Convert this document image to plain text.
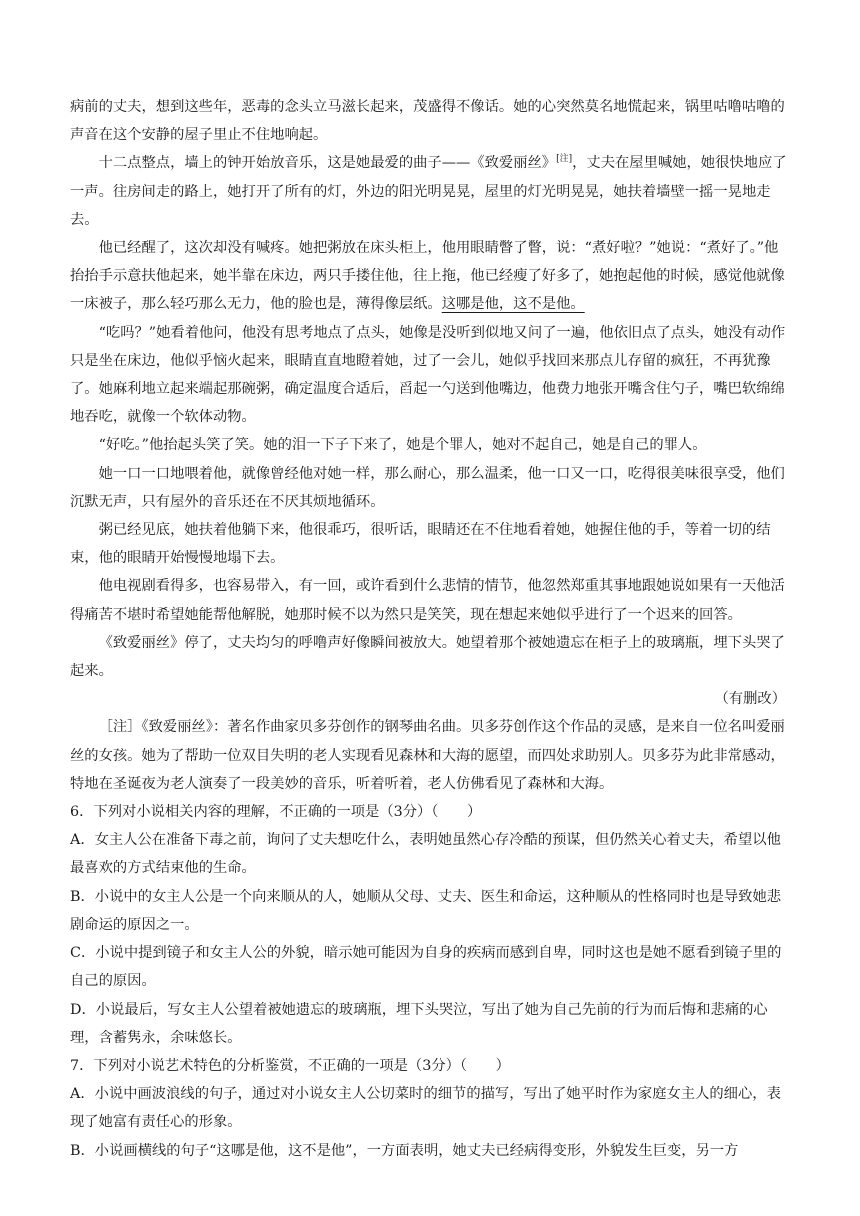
病前的丈夫，想到这些年，恶毒的念头立马滋长起来，茂盛得不像话。她的心突然莫名地慌起来，锅里咕噜咕噜的声音在这个安静的屋子里止不住地响起。

十二点整点，墙上的钟开始放音乐，这是她最爱的曲子——《致爱丽丝》[注]，丈夫在屋里喊她，她很快地应了一声。往房间走的路上，她打开了所有的灯，外边的阳光明晃晃，屋里的灯光明晃晃，她扶着墙壁一摇一晃地走去。

他已经醒了，这次却没有喊疼。她把粥放在床头柜上，他用眼睛瞥了瞥，说：“煮好啦？”她说：“煮好了。”他抬抬手示意扶他起来，她半靠在床边，两只手搂住他，往上拖，他已经瘦了好多了，她抱起他的时候，感觉他就像一床被子，那么轻巧那么无力，他的脸也是，薄得像层纸。这哪是他，这不是他。

“吃吗？”她看着他问，他没有思考地点了点头，她像是没听到似地又问了一遍，他依旧点了点头，她没有动作只是坐在床边，他似乎恼火起来，眼睛直直地瞪着她，过了一会儿，她似乎找回来那点儿存留的疯狂，不再犹豫了。她麻利地立起来端起那碗粥，确定温度合适后，舀起一勺送到他嘴边，他费力地张开嘴含住勺子，嘴巴软绵绵地吞吃，就像一个软体动物。

“好吃。”他抬起头笑了笑。她的泪一下子下来了，她是个罪人，她对不起自己，她是自己的罪人。

她一口一口地喂着他，就像曾经他对她一样，那么耐心，那么温柔，他一口又一口，吃得很美味很享受，他们沉默无声，只有屋外的音乐还在不厌其烦地循环。

粥已经见底，她扶着他躺下来，他很乖巧，很听话，眼睛还在不住地看着她，她握住他的手，等着一切的结束，他的眼睛开始慢慢地塌下去。

他电视剧看得多，也容易带入，有一回，或许看到什么悲情的情节，他忽然郑重其事地跟她说如果有一天他活得痛苦不堪时希望她能帮他解脱，她那时候不以为然只是笑笑，现在想起来她似乎进行了一个迟来的回答。

《致爱丽丝》停了，丈夫均匀的呼噜声好像瞬间被放大。她望着那个被她遗忘在柜子上的玻璃瓶，埋下头哭了起来。

（有删改）

［注］《致爱丽丝》：著名作曲家贝多芬创作的钢琴曲名曲。贝多芬创作这个作品的灵感，是来自一位名叫爱丽丝的女孩。她为了帮助一位双目失明的老人实现看见森林和大海的愿望，而四处求助别人。贝多芬为此非常感动，特地在圣诞夜为老人演奏了一段美妙的音乐，听着听着，老人仿佛看见了森林和大海。

6．下列对小说相关内容的理解，不正确的一项是（3分）（　　）

A．女主人公在准备下毒之前，询问了丈夫想吃什么，表明她虽然心存冷酷的预谋，但仍然关心着丈夫，希望以他最喜欢的方式结束他的生命。

B．小说中的女主人公是一个向来顺从的人，她顺从父母、丈夫、医生和命运，这种顺从的性格同时也是导致她悲剧命运的原因之一。

C．小说中提到镜子和女主人公的外貌，暗示她可能因为自身的疾病而感到自卑，同时这也是她不愿看到镜子里的自己的原因。

D．小说最后，写女主人公望着被她遗忘的玻璃瓶，埋下头哭泣，写出了她为自己先前的行为而后悔和悲痛的心理，含蓄隽永，余味悠长。

7．下列对小说艺术特色的分析鉴赏，不正确的一项是（3分）（　　）

A．小说中画波浪线的句子，通过对小说女主人公切菜时的细节的描写，写出了她平时作为家庭女主人的细心，表现了她富有责任心的形象。

B．小说画横线的句子“这哪是他，这不是他”，一方面表明，她丈夫已经病得变形，外貌发生巨变，另一方
